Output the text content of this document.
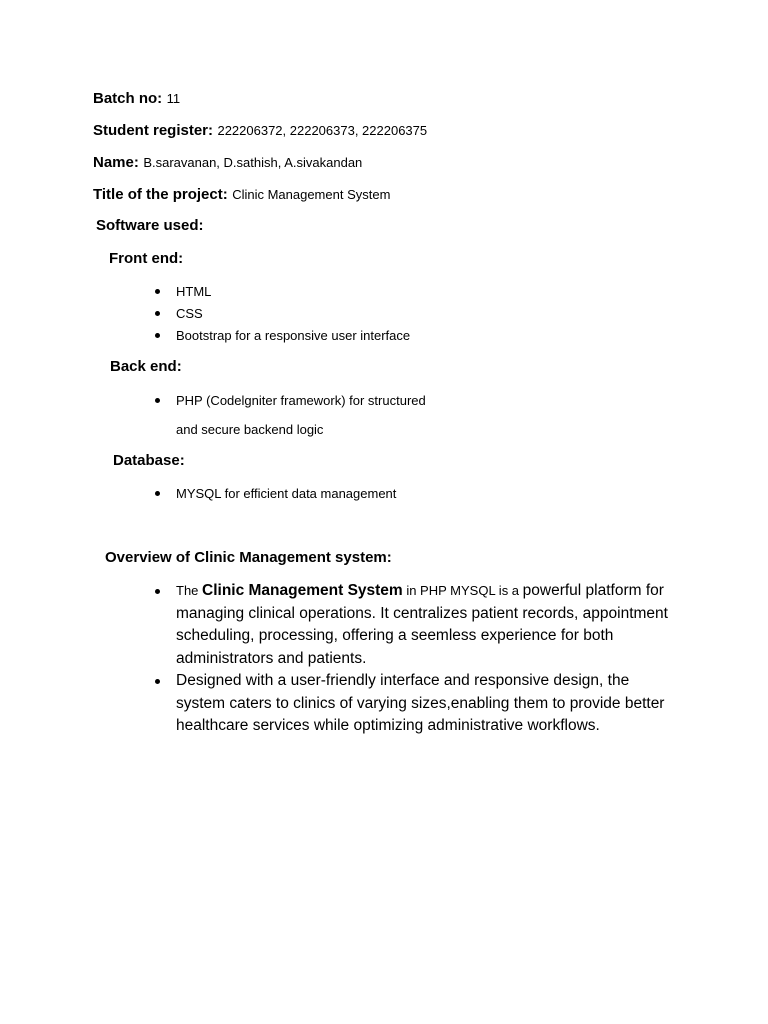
Batch no: 11
Student register: 222206372, 222206373, 222206375
Name: B.saravanan, D.sathish, A.sivakandan
Title of the project: Clinic Management System
Software used:
Front end:
HTML
CSS
Bootstrap for a responsive user interface
Back end:
PHP (Codelgniter framework) for structured
and secure backend logic
Database:
MYSQL for efficient data management
Overview of Clinic Management system:
The Clinic Management System in PHP MYSQL is a powerful platform for managing clinical operations. It centralizes patient records, appointment scheduling, processing, offering a seemless experience for both administrators and patients.
Designed with a user-friendly interface and responsive design, the system caters to clinics of varying sizes,enabling them to provide better healthcare services while optimizing administrative workflows.
